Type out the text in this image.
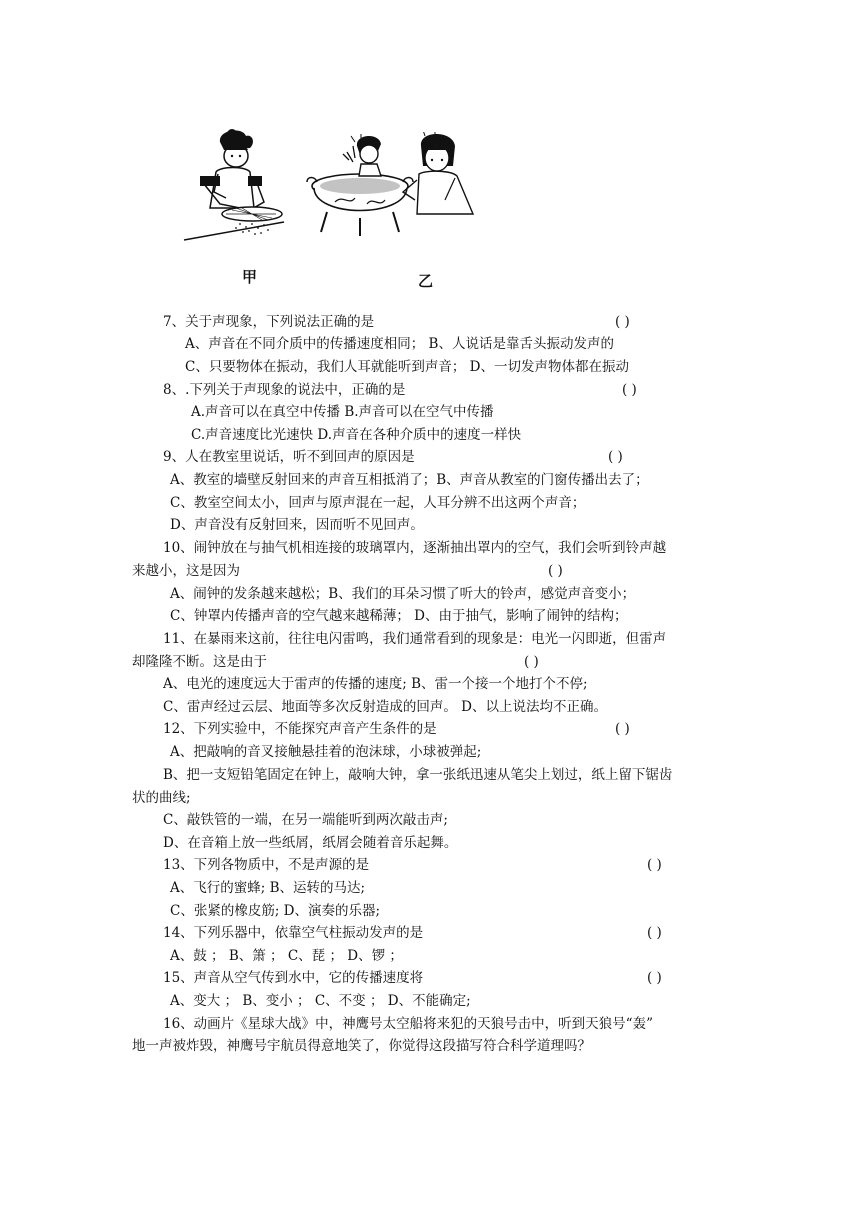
甲	乙
7、关于声现象，下列说法正确的是	( )
A、声音在不同介质中的传播速度相同； B、人说话是靠舌头振动发声的
C、只要物体在振动，我们人耳就能听到声音； D、一切发声物体都在振动
8、.下列关于声现象的说法中，正确的是	( )
A.声音可以在真空中传播 B.声音可以在空气中传播
C.声音速度比光速快 D.声音在各种介质中的速度一样快
9、人在教室里说话，听不到回声的原因是	( )
A、教室的墙壁反射回来的声音互相抵消了；B、声音从教室的门窗传播出去了；
C、教室空间太小，回声与原声混在一起，人耳分辨不出这两个声音；
D、声音没有反射回来，因而听不见回声。
10、闹钟放在与抽气机相连接的玻璃罩内，逐渐抽出罩内的空气，我们会听到铃声越
来越小，这是因为	( )
A、闹钟的发条越来越松；B、我们的耳朵习惯了听大的铃声，感觉声音变小；
C、钟罩内传播声音的空气越来越稀薄； D、由于抽气，影响了闹钟的结构；
11、在暴雨来这前，往往电闪雷鸣，我们通常看到的现象是：电光一闪即逝，但雷声
却隆隆不断。这是由于	( )
A、电光的速度远大于雷声的传播的速度; B、雷一个接一个地打个不停;
C、雷声经过云层、地面等多次反射造成的回声。 D、以上说法均不正确。
12、下列实验中，不能探究声音产生条件的是	( )
A、把敲响的音叉接触悬挂着的泡沫球，小球被弹起;
B、把一支短铅笔固定在钟上，敲响大钟，拿一张纸迅速从笔尖上划过，纸上留下锯齿
状的曲线;
C、敲铁管的一端，在另一端能听到两次敲击声;
D、在音箱上放一些纸屑，纸屑会随着音乐起舞。
13、下列各物质中，不是声源的是	( )
A、飞行的蜜蜂; B、运转的马达;
C、张紧的橡皮筋; D、演奏的乐器;
14、下列乐器中，依靠空气柱振动发声的是	( )
A、鼓 ； B、箫 ； C、琵 ； D、锣 ；
15、声音从空气传到水中，它的传播速度将	( )
A、变大 ； B、变小 ； C、不变 ； D、不能确定;
16、动画片《星球大战》中，神鹰号太空船将来犯的天狼号击中，听到天狼号“轰”
地一声被炸毁，神鹰号宇航员得意地笑了，你觉得这段描写符合科学道理吗？
